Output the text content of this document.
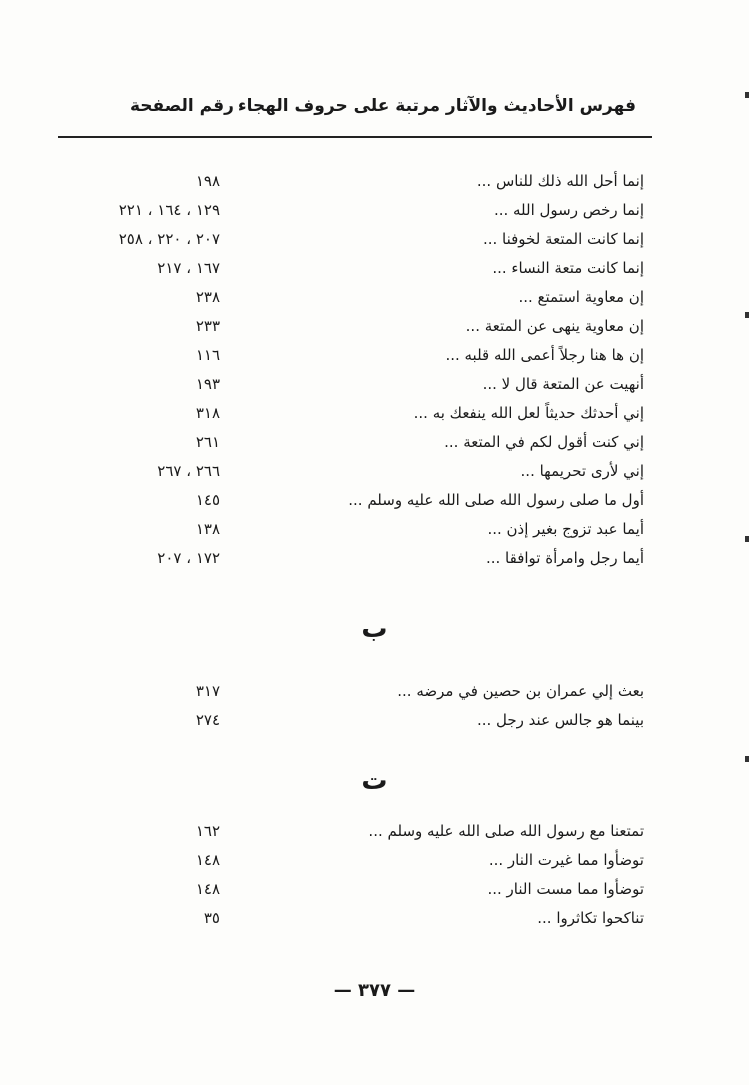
فهرس الأحاديث والآثار مرتبة على حروف الهجاء
رقم الصفحة
إنما أحل الله ذلك للناس ...
١٩٨
إنما رخص رسول الله ...
١٢٩ ، ١٦٤ ، ٢٢١
إنما كانت المتعة لخوفنا ...
٢٠٧ ، ٢٢٠ ، ٢٥٨
إنما كانت متعة النساء ...
١٦٧ ، ٢١٧
إن معاوية استمتع ...
٢٣٨
إن معاوية ينهى عن المتعة ...
٢٣٣
إن ها هنا رجلاً أعمى الله قلبه ...
١١٦
أنهيت عن المتعة قال لا ...
١٩٣
إني أحدثك حديثاً لعل الله ينفعك به ...
٣١٨
إني كنت أقول لكم في المتعة ...
٢٦١
إني لأرى تحريمها ...
٢٦٦ ، ٢٦٧
أول ما صلى رسول الله صلى الله عليه وسلم ...
١٤٥
أيما عبد تزوج بغير إذن ...
١٣٨
أيما رجل وامرأة توافقا ...
١٧٢ ، ٢٠٧
ب
بعث إلي عمران بن حصين في مرضه ...
٣١٧
بينما هو جالس عند رجل ...
٢٧٤
ت
تمتعنا مع رسول الله صلى الله عليه وسلم ...
١٦٢
توضأوا مما غيرت النار ...
١٤٨
توضأوا مما مست النار ...
١٤٨
تناكحوا تكاثروا ...
٣٥
— ٣٧٧ —
